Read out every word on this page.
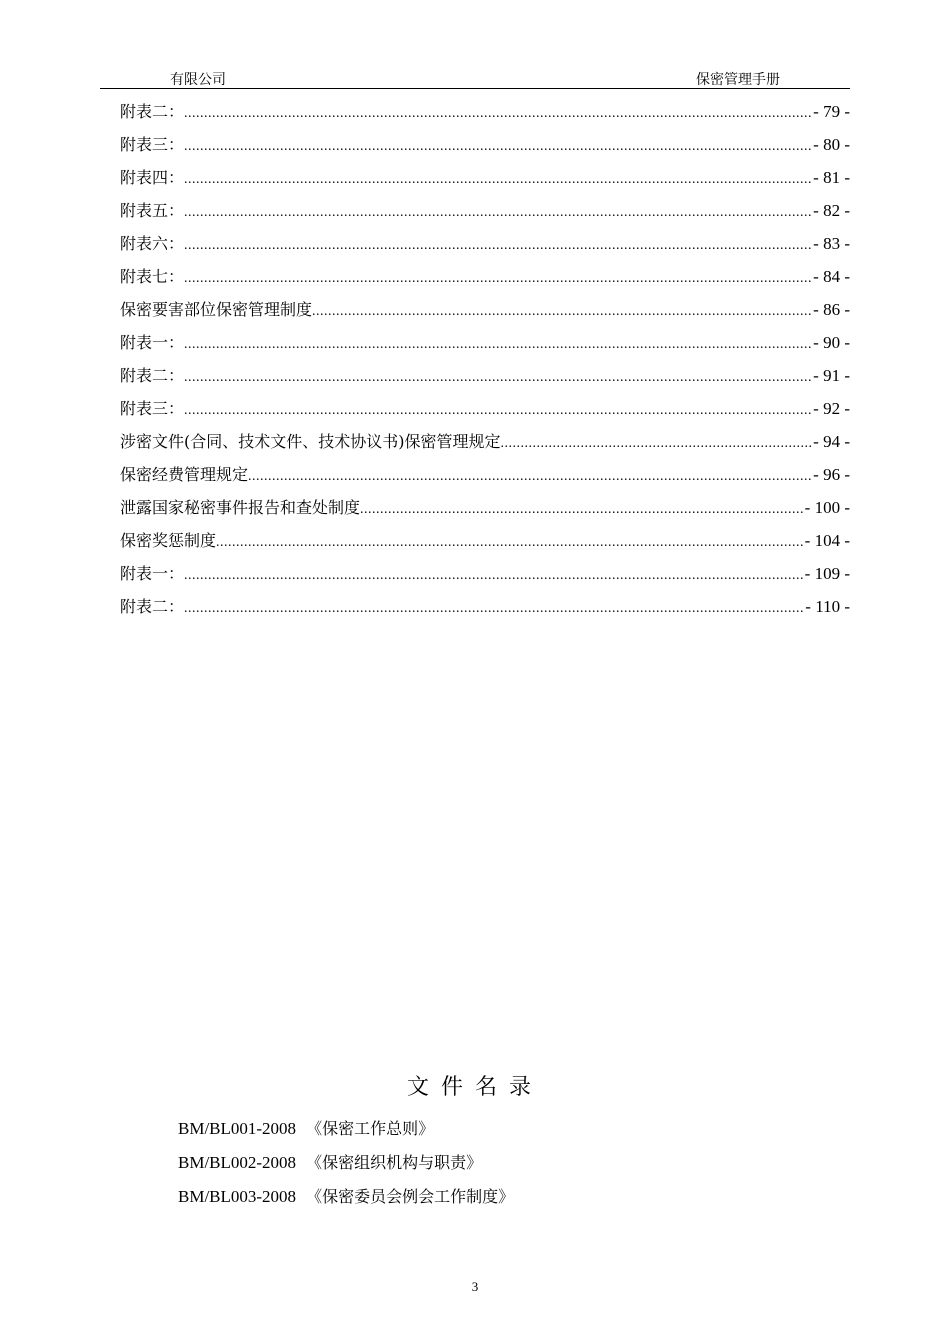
有限公司	保密管理手册
附表二： .....	- 79 -
附表三： .....	- 80 -
附表四： .....	- 81 -
附表五： .....	- 82 -
附表六： .....	- 83 -
附表七： .....	- 84 -
保密要害部位保密管理制度 .....	- 86 -
附表一： .....	- 90 -
附表二： .....	- 91 -
附表三： .....	- 92 -
涉密文件(合同、技术文件、技术协议书)保密管理规定 .....	- 94 -
保密经费管理规定 .....	- 96 -
泄露国家秘密事件报告和查处制度 .....	- 100 -
保密奖惩制度 .....	- 104 -
附表一： .....	- 109 -
附表二： .....	- 110 -
文件名录
BM/BL001-2008 《保密工作总则》
BM/BL002-2008 《保密组织机构与职责》
BM/BL003-2008 《保密委员会例会工作制度》
3
